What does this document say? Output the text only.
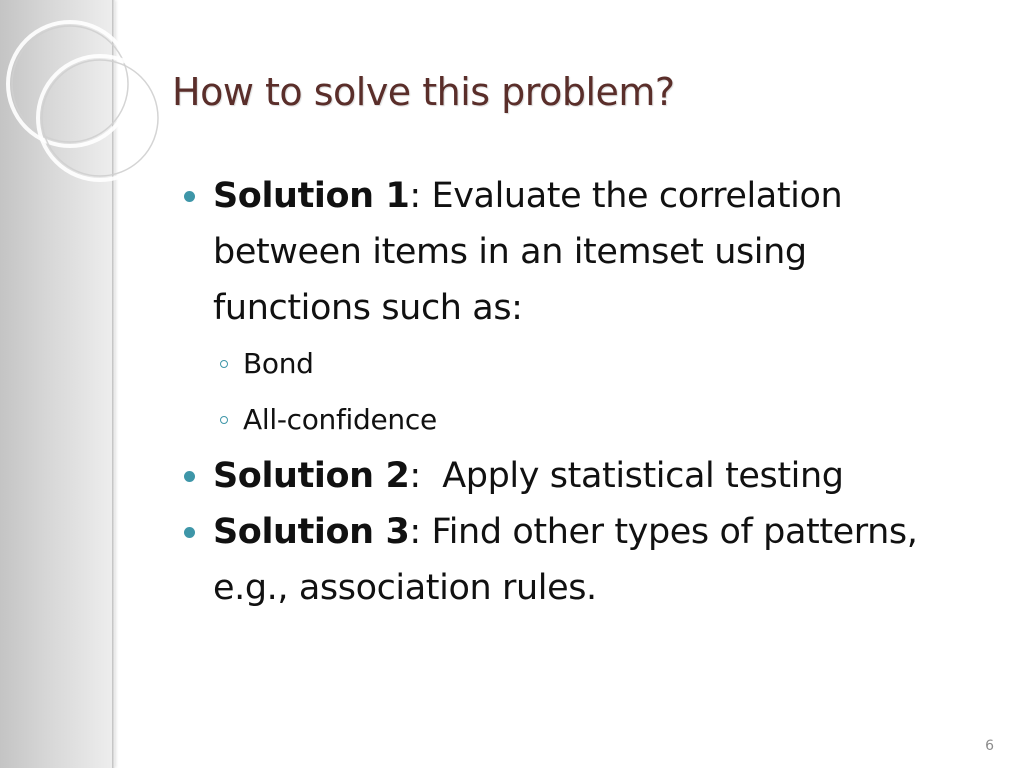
How to solve this problem?
Solution 1: Evaluate the correlation
between items in an itemset using
functions such as:
Bond
All-confidence
Solution 2:  Apply statistical testing
Solution 3: Find other types of patterns,
e.g., association rules.
6
